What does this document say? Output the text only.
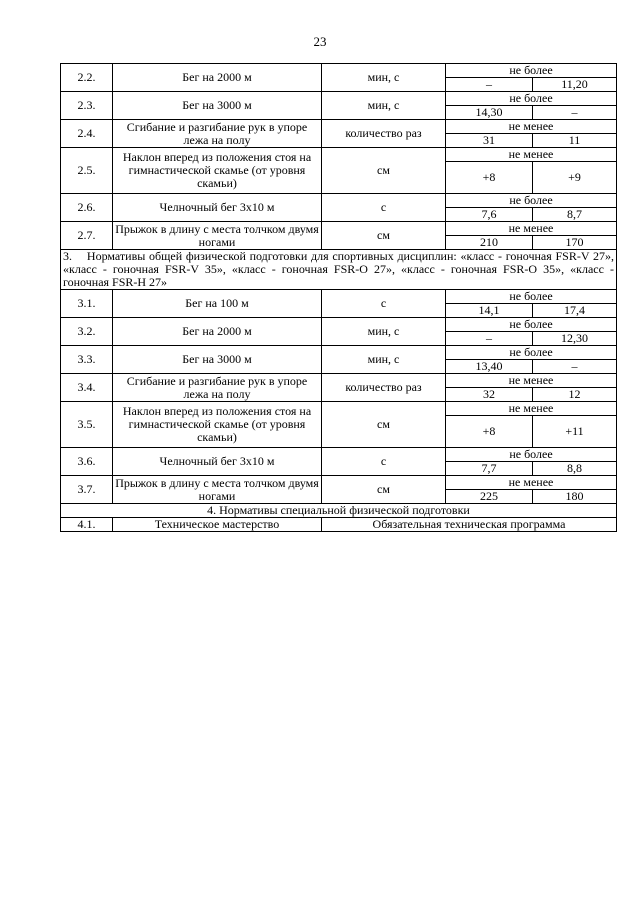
23
2.2.	Бег на 2000 м	мин, с	не более	
			–	11,20
2.3.	Бег на 3000 м	мин, с	не более	
			14,30	–
2.4.	Сгибание и разгибание рук в упоре лежа на полу	количество раз	не менее	
			31	11
2.5.	Наклон вперед из положения стоя на гимнастической скамье (от уровня скамьи)	см	не менее	
			+8	+9
2.6.	Челночный бег 3х10 м	с	не более	
			7,6	8,7
2.7.	Прыжок в длину с места толчком двумя ногами	см	не менее	
			210	170

3. Нормативы общей физической подготовки для спортивных дисциплин: «класс - гоночная FSR-V 27», «класс - гоночная FSR-V 35», «класс - гоночная FSR-O 27», «класс - гоночная FSR-O 35», «класс - гоночная FSR-H 27»				

3.1.	Бег на 100 м	с	не более	
			14,1	17,4
3.2.	Бег на 2000 м	мин, с	не более	
			–	12,30
3.3.	Бег на 3000 м	мин, с	не более	
			13,40	–
3.4.	Сгибание и разгибание рук в упоре лежа на полу	количество раз	не менее	
			32	12
3.5.	Наклон вперед из положения стоя на гимнастической скамье (от уровня скамьи)	см	не менее	
			+8	+11
3.6.	Челночный бег 3х10 м	с	не более	
			7,7	8,8
3.7.	Прыжок в длину с места толчком двумя ногами	см	не менее	
			225	180
4. Нормативы специальной физической подготовки				
4.1.	Техническое мастерство	Обязательная техническая программа		
